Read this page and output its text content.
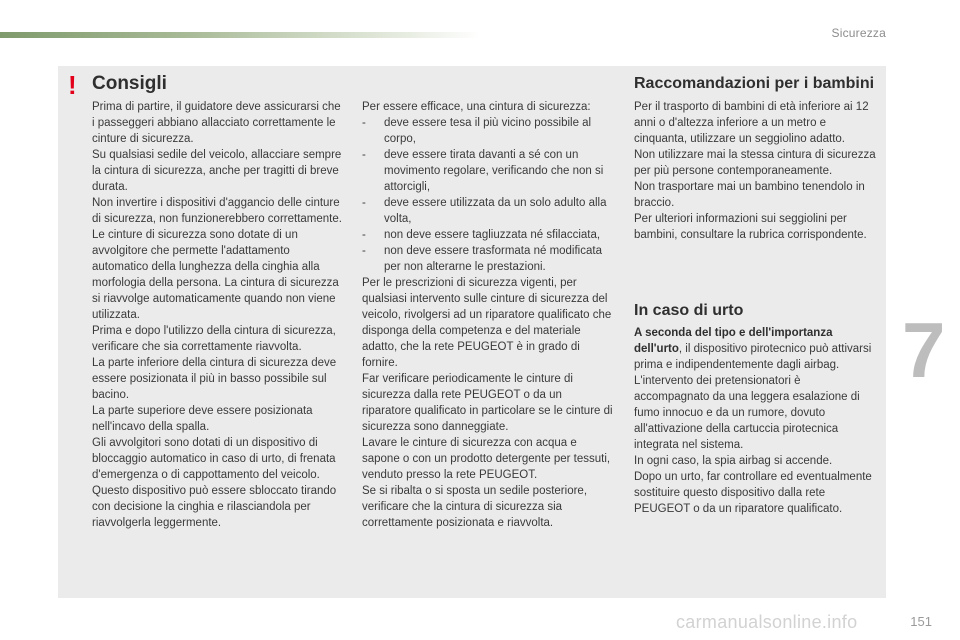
Sicurezza
! Consigli

Prima di partire, il guidatore deve assicurarsi che i passeggeri abbiano allacciato correttamente le cinture di sicurezza.

Su qualsiasi sedile del veicolo, allacciare sempre la cintura di sicurezza, anche per tragitti di breve durata.

Non invertire i dispositivi d'aggancio delle cinture di sicurezza, non funzionerebbero correttamente.

Le cinture di sicurezza sono dotate di un avvolgitore che permette l'adattamento automatico della lunghezza della cinghia alla morfologia della persona. La cintura di sicurezza si riavvolge automaticamente quando non viene utilizzata.

Prima e dopo l'utilizzo della cintura di sicurezza, verificare che sia correttamente riavvolta.

La parte inferiore della cintura di sicurezza deve essere posizionata il più in basso possibile sul bacino.

La parte superiore deve essere posizionata nell'incavo della spalla.

Gli avvolgitori sono dotati di un dispositivo di bloccaggio automatico in caso di urto, di frenata d'emergenza o di cappottamento del veicolo. Questo dispositivo può essere sbloccato tirando con decisione la cinghia e rilasciandola per riavvolgerla leggermente.

Per essere efficace, una cintura di sicurezza:

-	deve essere tesa il più vicino possibile al corpo,
-	deve essere tirata davanti a sé con un movimento regolare, verificando che non si attorcigli,
-	deve essere utilizzata da un solo adulto alla volta,
-	non deve essere tagliuzzata né sfilacciata,
-	non deve essere trasformata né modificata per non alterarne le prestazioni.

Per le prescrizioni di sicurezza vigenti, per qualsiasi intervento sulle cinture di sicurezza del veicolo, rivolgersi ad un riparatore qualificato che disponga della competenza e del materiale adatto, che la rete PEUGEOT è in grado di fornire.

Far verificare periodicamente le cinture di sicurezza dalla rete PEUGEOT o da un riparatore qualificato in particolare se le cinture di sicurezza sono danneggiate.

Lavare le cinture di sicurezza con acqua e sapone o con un prodotto detergente per tessuti, venduto presso la rete PEUGEOT.

Se si ribalta o si sposta un sedile posteriore, verificare che la cintura di sicurezza sia correttamente posizionata e riavvolta.

Raccomandazioni per i bambini

Per il trasporto di bambini di età inferiore ai 12 anni o d'altezza inferiore a un metro e cinquanta, utilizzare un seggiolino adatto.

Non utilizzare mai la stessa cintura di sicurezza per più persone contemporaneamente.

Non trasportare mai un bambino tenendolo in braccio.

Per ulteriori informazioni sui seggiolini per bambini, consultare la rubrica corrispondente.

In caso di urto

A seconda del tipo e dell'importanza dell'urto, il dispositivo pirotecnico può attivarsi prima e indipendentemente dagli airbag. L'intervento dei pretensionatori è accompagnato da una leggera esalazione di fumo innocuo e da un rumore, dovuto all'attivazione della cartuccia pirotecnica integrata nel sistema.

In ogni caso, la spia airbag si accende.

Dopo un urto, far controllare ed eventualmente sostituire questo dispositivo dalla rete PEUGEOT o da un riparatore qualificato.

7
carmanualsonline.info	151
